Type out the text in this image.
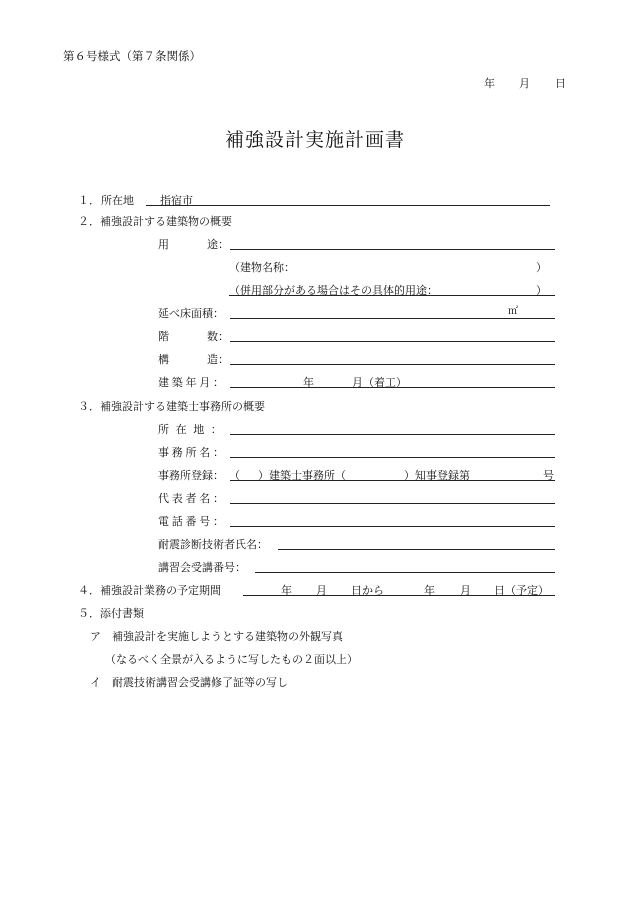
第６号様式（第７条関係）
年 月 日
補強設計実施計画書
１． 所在地 指宿市
２．補強設計する建築物の概要
用	途：
（建物名称：	）
（併用部分がある場合はその具体的用途：	）
延べ床面積：	㎡
階	数：
構	造：
建築年月：	年	月（着工）
３．補強設計する建築士事務所の概要
所在地：
事務所名：
事務所登録： （ ）建築士事務所（	）知事登録第	号
代表者名：
電話番号：
耐震診断技術者氏名：
講習会受講番号：
４．補強設計業務の予定期間	年 月 日から	年 月 日（予定）
５．添付書類
ア　補強設計を実施しようとする建築物の外観写真
（なるべく全景が入るように写したもの２面以上）
イ　耐震技術講習会受講修了証等の写し
